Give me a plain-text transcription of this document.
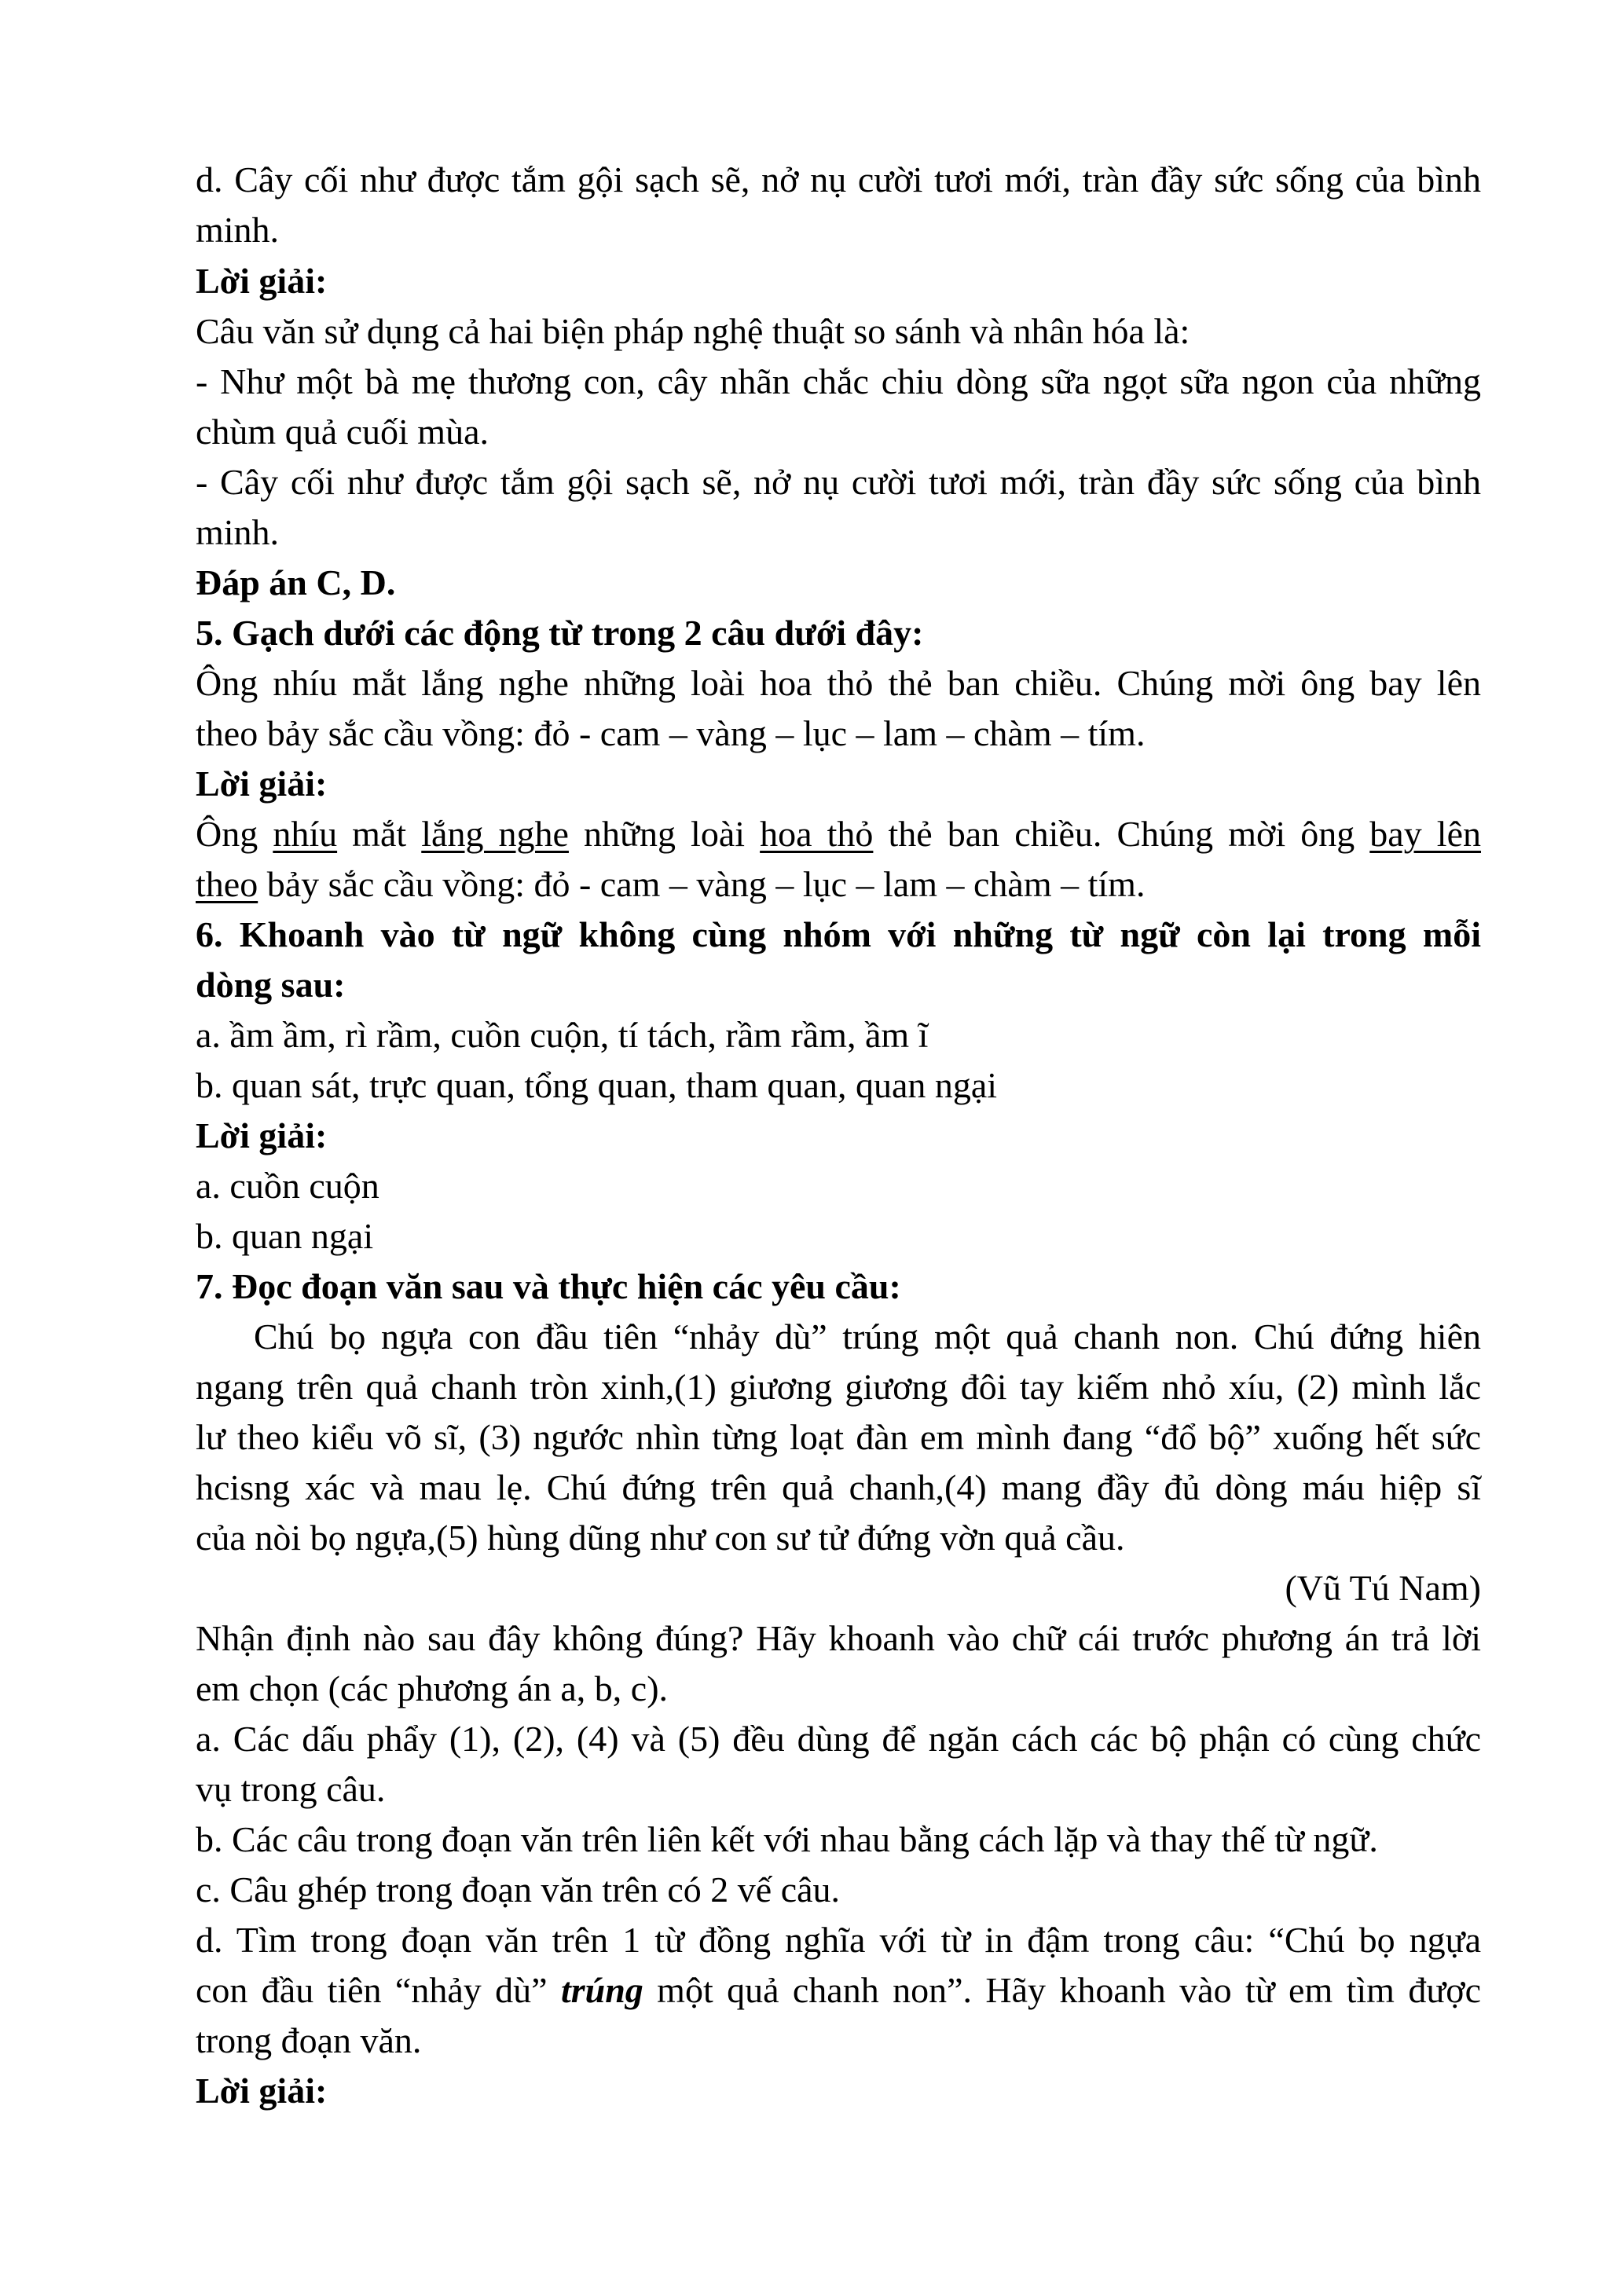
d. Cây cối như được tắm gội sạch sẽ, nở nụ cười tươi mới, tràn đầy sức sống của bình
minh.
Lời giải:
Câu văn sử dụng cả hai biện pháp nghệ thuật so sánh và nhân hóa là:
- Như một bà mẹ thương con, cây nhãn chắc chiu dòng sữa ngọt sữa ngon của những
chùm quả cuối mùa.
- Cây cối như được tắm gội sạch sẽ, nở nụ cười tươi mới, tràn đầy sức sống của bình
minh.
Đáp án C, D.
5. Gạch dưới các động từ trong 2 câu dưới đây:
Ông nhíu mắt lắng nghe những loài hoa thỏ thẻ ban chiều. Chúng mời ông bay lên
theo bảy sắc cầu vồng: đỏ - cam – vàng – lục – lam – chàm – tím.
Lời giải:
Ông nhíu mắt lắng nghe những loài hoa thỏ thẻ ban chiều. Chúng mời ông bay lên
theo bảy sắc cầu vồng: đỏ - cam – vàng – lục – lam – chàm – tím.
6. Khoanh vào từ ngữ không cùng nhóm với những từ ngữ còn lại trong mỗi
dòng sau:
a. ầm ầm, rì rầm, cuồn cuộn, tí tách, rầm rầm, ầm ĩ
b. quan sát, trực quan, tổng quan, tham quan, quan ngại
Lời giải:
a. cuồn cuộn
b. quan ngại
7. Đọc đoạn văn sau và thực hiện các yêu cầu:
Chú bọ ngựa con đầu tiên “nhảy dù” trúng một quả chanh non. Chú đứng hiên
ngang trên quả chanh tròn xinh,(1) giương giương đôi tay kiếm nhỏ xíu, (2) mình lắc
lư theo kiểu võ sĩ, (3) ngước nhìn từng loạt đàn em mình đang “đổ bộ” xuống hết sức
hcisng xác và mau lẹ. Chú đứng trên quả chanh,(4) mang đầy đủ dòng máu hiệp sĩ
của nòi bọ ngựa,(5) hùng dũng như con sư tử đứng vờn quả cầu.
(Vũ Tú Nam)
Nhận định nào sau đây không đúng? Hãy khoanh vào chữ cái trước phương án trả lời
em chọn (các phương án a, b, c).
a. Các dấu phẩy (1), (2), (4) và (5) đều dùng để ngăn cách các bộ phận có cùng chức
vụ trong câu.
b. Các câu trong đoạn văn trên liên kết với nhau bằng cách lặp và thay thế từ ngữ.
c. Câu ghép trong đoạn văn trên có 2 vế câu.
d. Tìm trong đoạn văn trên 1 từ đồng nghĩa với từ in đậm trong câu: “Chú bọ ngựa
con đầu tiên “nhảy dù” trúng một quả chanh non”. Hãy khoanh vào từ em tìm được
trong đoạn văn.
Lời giải:
